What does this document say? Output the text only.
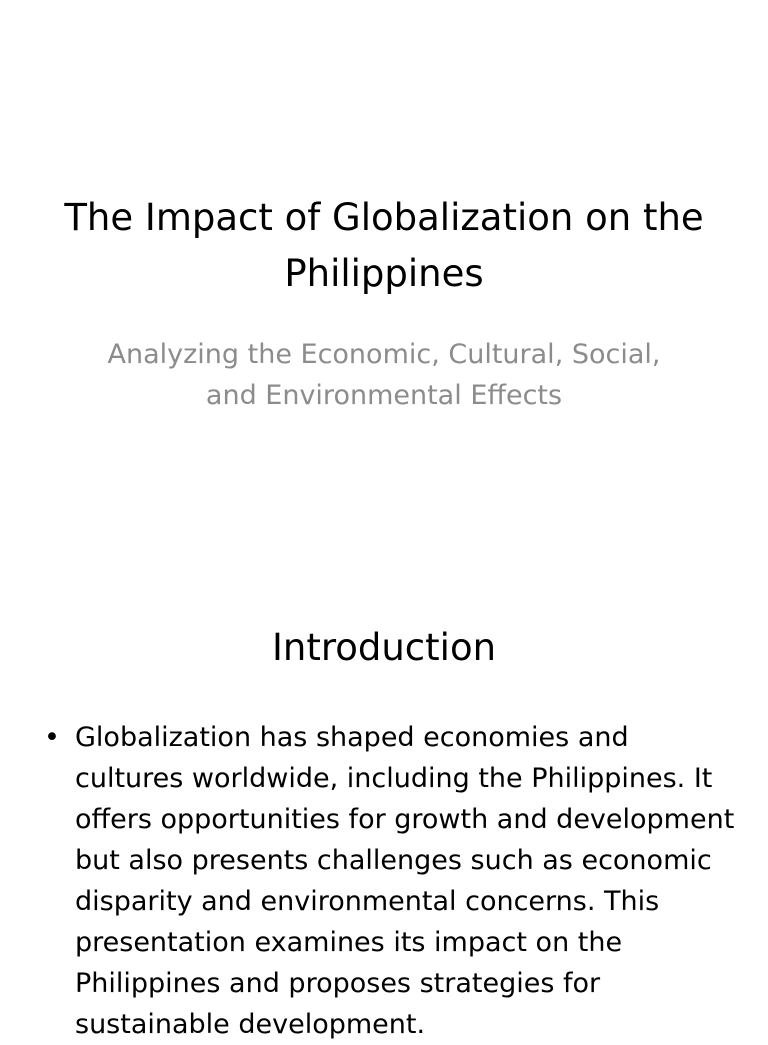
The Impact of Globalization on the Philippines

Analyzing the Economic, Cultural, Social, and Environmental Effects

Introduction
• Globalization has shaped economies and cultures worldwide, including the Philippines. It offers opportunities for growth and development but also presents challenges such as economic disparity and environmental concerns. This presentation examines its impact on the Philippines and proposes strategies for sustainable development.
